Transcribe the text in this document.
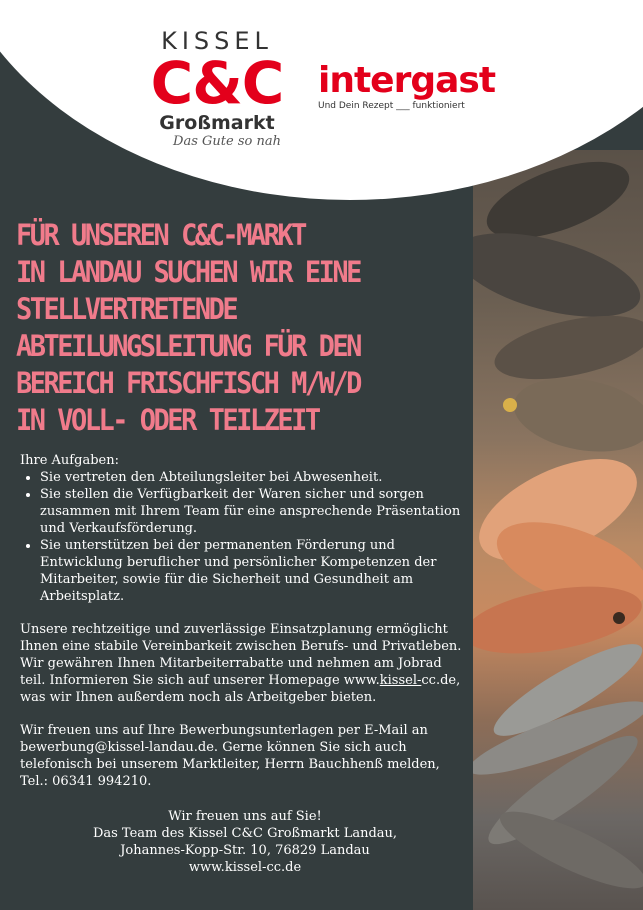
KISSEL
C&C
Großmarkt
Das Gute so nah
intergast
Und Dein Rezept ___ funktioniert
FÜR UNSEREN C&C-MARKT
IN LANDAU SUCHEN WIR EINE
STELLVERTRETENDE
ABTEILUNGSLEITUNG FÜR DEN
BEREICH FRISCHFISCH M/W/D
IN VOLL- ODER TEILZEIT

Ihre Aufgaben:

• Sie vertreten den Abteilungsleiter bei Abwesenheit.
• Sie stellen die Verfügbarkeit der Waren sicher und sorgen zusammen mit Ihrem Team für eine ansprechende Präsentation und Verkaufsförderung.
• Sie unterstützen bei der permanenten Förderung und Entwicklung beruflicher und persönlicher Kompetenzen der Mitarbeiter, sowie für die Sicherheit und Gesundheit am Arbeitsplatz.

Unsere rechtzeitige und zuverlässige Einsatzplanung ermöglicht Ihnen eine stabile Vereinbarkeit zwischen Berufs- und Privatleben. Wir gewähren Ihnen Mitarbeiterrabatte und nehmen am Jobrad teil. Informieren Sie sich auf unserer Homepage www.kissel-cc.de, was wir Ihnen außerdem noch als Arbeitgeber bieten.

Wir freuen uns auf Ihre Bewerbungsunterlagen per E-Mail an bewerbung@kissel-landau.de. Gerne können Sie sich auch telefonisch bei unserem Marktleiter, Herrn Bauchhenß melden, Tel.: 06341 994210.

Wir freuen uns auf Sie!
Das Team des Kissel C&C Großmarkt Landau,
Johannes-Kopp-Str. 10, 76829 Landau
www.kissel-cc.de
